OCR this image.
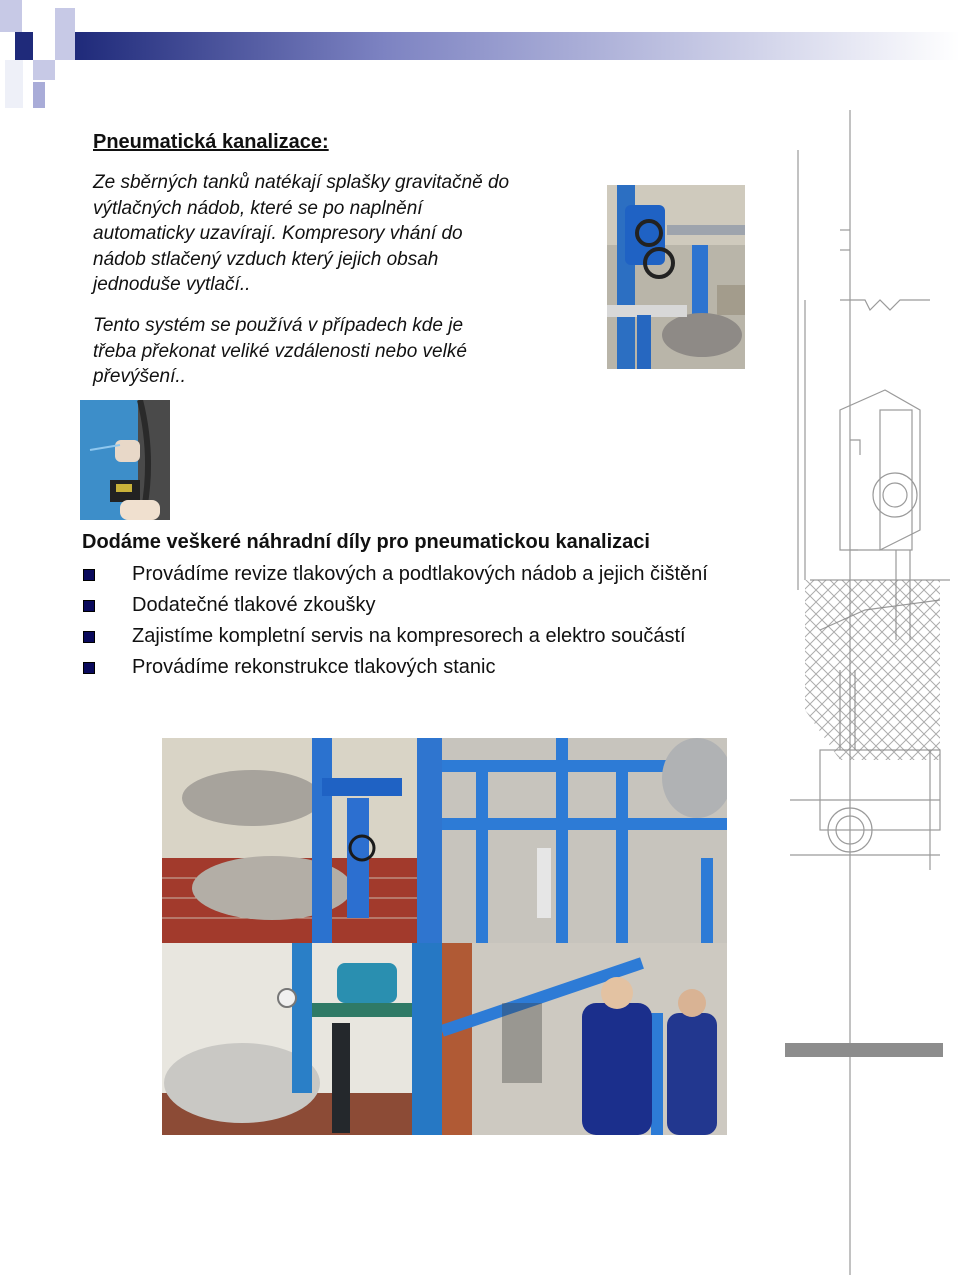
Pneumatická kanalizace:
Ze sběrných tanků natékají splašky gravitačně do
výtlačných nádob, které se po naplnění
automaticky uzavírají. Kompresory vhání do
nádob stlačený vzduch který jejich obsah
jednoduše vytlačí..
Tento systém se používá v případech kde je
třeba překonat veliké vzdálenosti nebo velké
převýšení..
Dodáme veškeré náhradní díly pro pneumatickou kanalizaci
Provádíme revize tlakových a podtlakových nádob a jejich čištění
Dodatečné tlakové zkoušky
Zajistíme kompletní servis na kompresorech a elektro součástí
Provádíme rekonstrukce tlakových stanic
